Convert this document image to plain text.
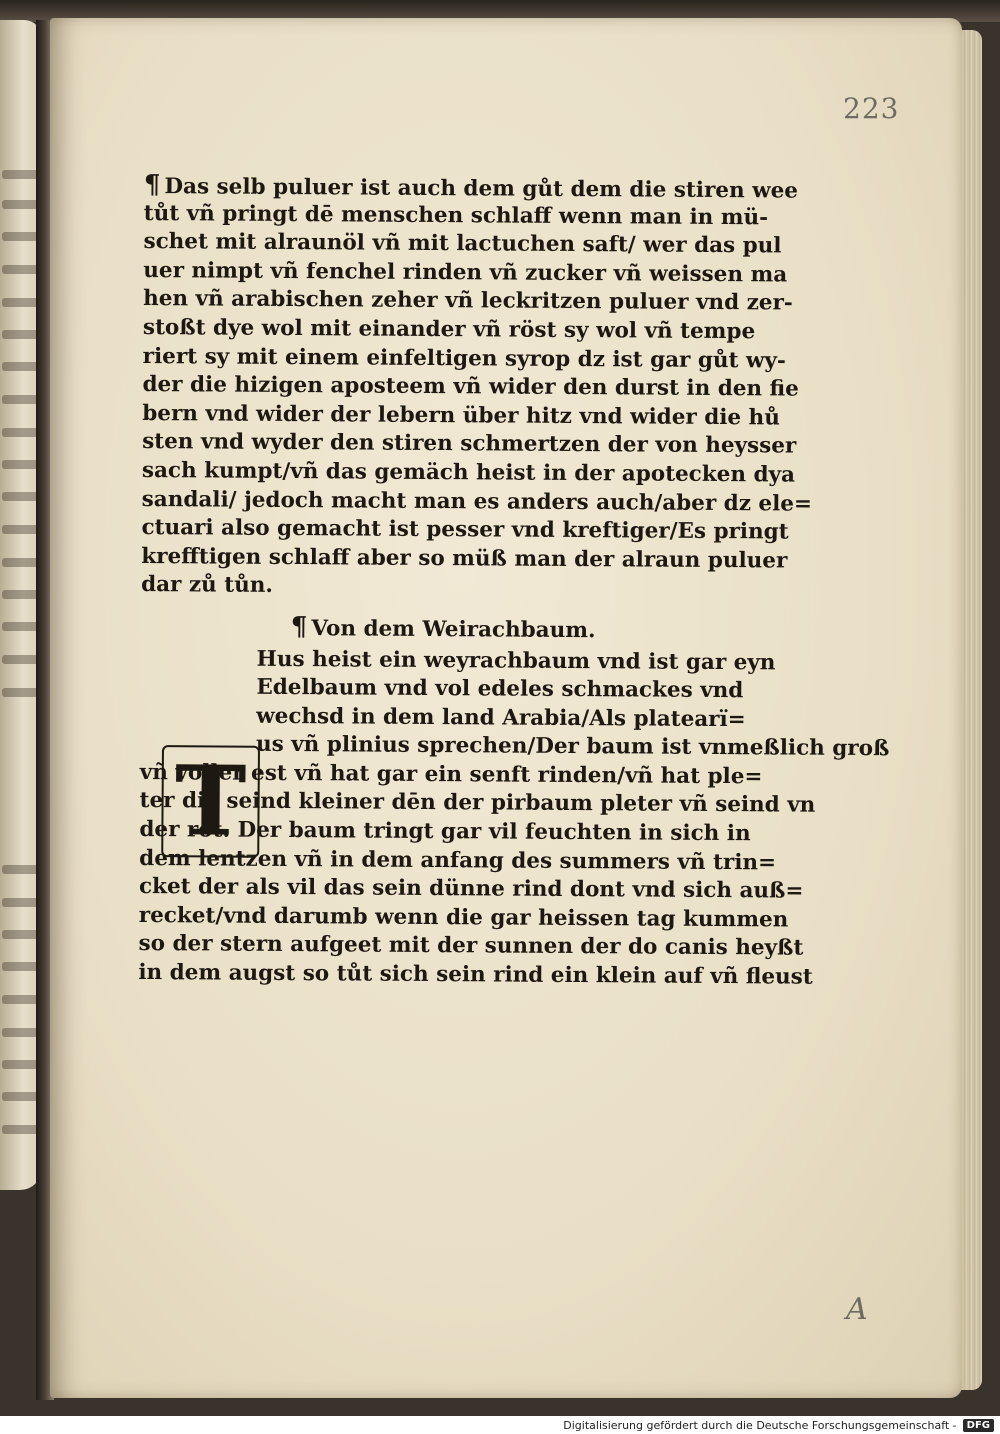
¶ Das selb puluer ist auch dem gůt dem die stiren wee
tůt vñ pringt dē menschen schlaff wenn man in mü-
schet mit alraunöl vñ mit lactuchen saft/ wer das pul
uer nimpt vñ fenchel rinden vñ zucker vñ weissen ma
hen vñ arabischen zeher vñ leckritzen puluer vnd zer-
stoßt dye wol mit einander vñ röst sy wol vñ tempe
riert sy mit einem einfeltigen syrop dz ist gar gůt wy-
der die hizigen aposteem vñ wider den durst in den fie
bern vnd wider der lebern über hitz vnd wider die hů
sten vnd wyder den stiren schmertzen der von heysser
sach kumpt/vñ das gemäch heist in der apotecken dya
sandali/ jedoch macht man es anders auch/aber dz ele=
ctuari also gemacht ist pesser vnd kreftiger/Es pringt
krefftigen schlaff aber so müß man der alraun puluer
dar zů tůn.
¶ Von dem Weirachbaum.
Hus heist ein weyrachbaum vnd ist gar eyn
Edelbaum vnd vol edeles schmackes vnd
wechsd in dem land Arabia/Als platearï=
us vñ plinius sprechen/Der baum ist vnmeßlich groß
vñ voller est vñ hat gar ein senft rinden/vñ hat ple=
ter die seind kleiner dēn der pirbaum pleter vñ seind vn
der rot. Der baum tringt gar vil feuchten in sich in
dem lentzen vñ in dem anfang des summers vñ trin=
cket der als vil das sein dünne rind dont vnd sich auß=
recket/vnd darumb wenn die gar heissen tag kummen
so der stern aufgeet mit der sunnen der do canis heyßt
in dem augst so tůt sich sein rind ein klein auf vñ fleust
T
223
A
Digitalisierung gefördert durch die Deutsche Forschungsgemeinschaft -	DFG
